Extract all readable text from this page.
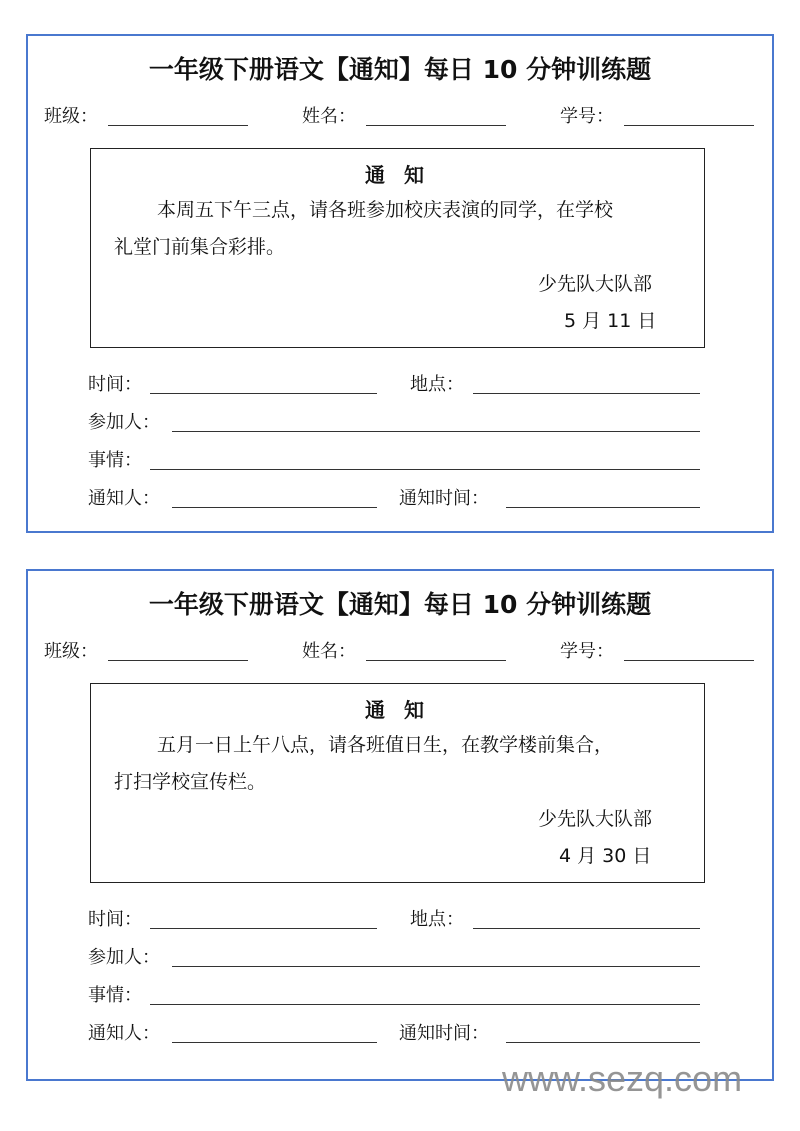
一年级下册语文【通知】每日 10 分钟训练题
班级：	姓名：	学号：
通 知
本周五下午三点，请各班参加校庆表演的同学，在学校
礼堂门前集合彩排。
少先队大队部
5 月 11 日
时间：	地点：
参加人：
事情：
通知人：	通知时间：
一年级下册语文【通知】每日 10 分钟训练题
班级：	姓名：	学号：
通 知
五月一日上午八点，请各班值日生，在教学楼前集合，
打扫学校宣传栏。
少先队大队部
4 月 30 日
时间：	地点：
参加人：
事情：
通知人：	通知时间：
www.sezq.com
